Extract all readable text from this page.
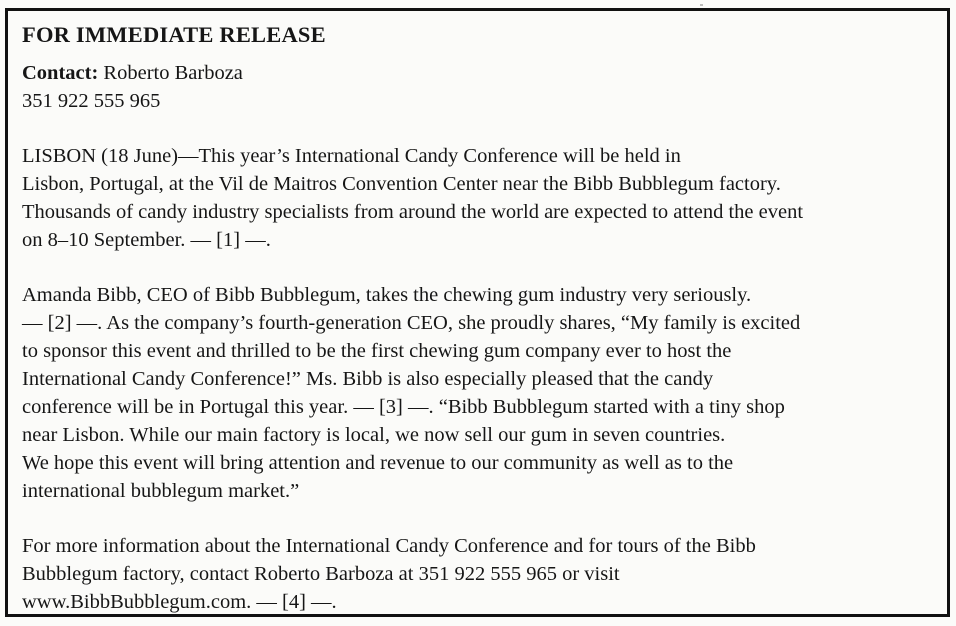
FOR IMMEDIATE RELEASE
Contact: Roberto Barboza
351 922 555 965
LISBON (18 June)—This year’s International Candy Conference will be held in
Lisbon, Portugal, at the Vil de Maitros Convention Center near the Bibb Bubblegum factory.
Thousands of candy industry specialists from around the world are expected to attend the event
on 8–10 September. — [1] —.
Amanda Bibb, CEO of Bibb Bubblegum, takes the chewing gum industry very seriously.
— [2] —. As the company’s fourth-generation CEO, she proudly shares, “My family is excited
to sponsor this event and thrilled to be the first chewing gum company ever to host the
International Candy Conference!” Ms. Bibb is also especially pleased that the candy
conference will be in Portugal this year. — [3] —. “Bibb Bubblegum started with a tiny shop
near Lisbon. While our main factory is local, we now sell our gum in seven countries.
We hope this event will bring attention and revenue to our community as well as to the
international bubblegum market.”
For more information about the International Candy Conference and for tours of the Bibb
Bubblegum factory, contact Roberto Barboza at 351 922 555 965 or visit
www.BibbBubblegum.com. — [4] —.
